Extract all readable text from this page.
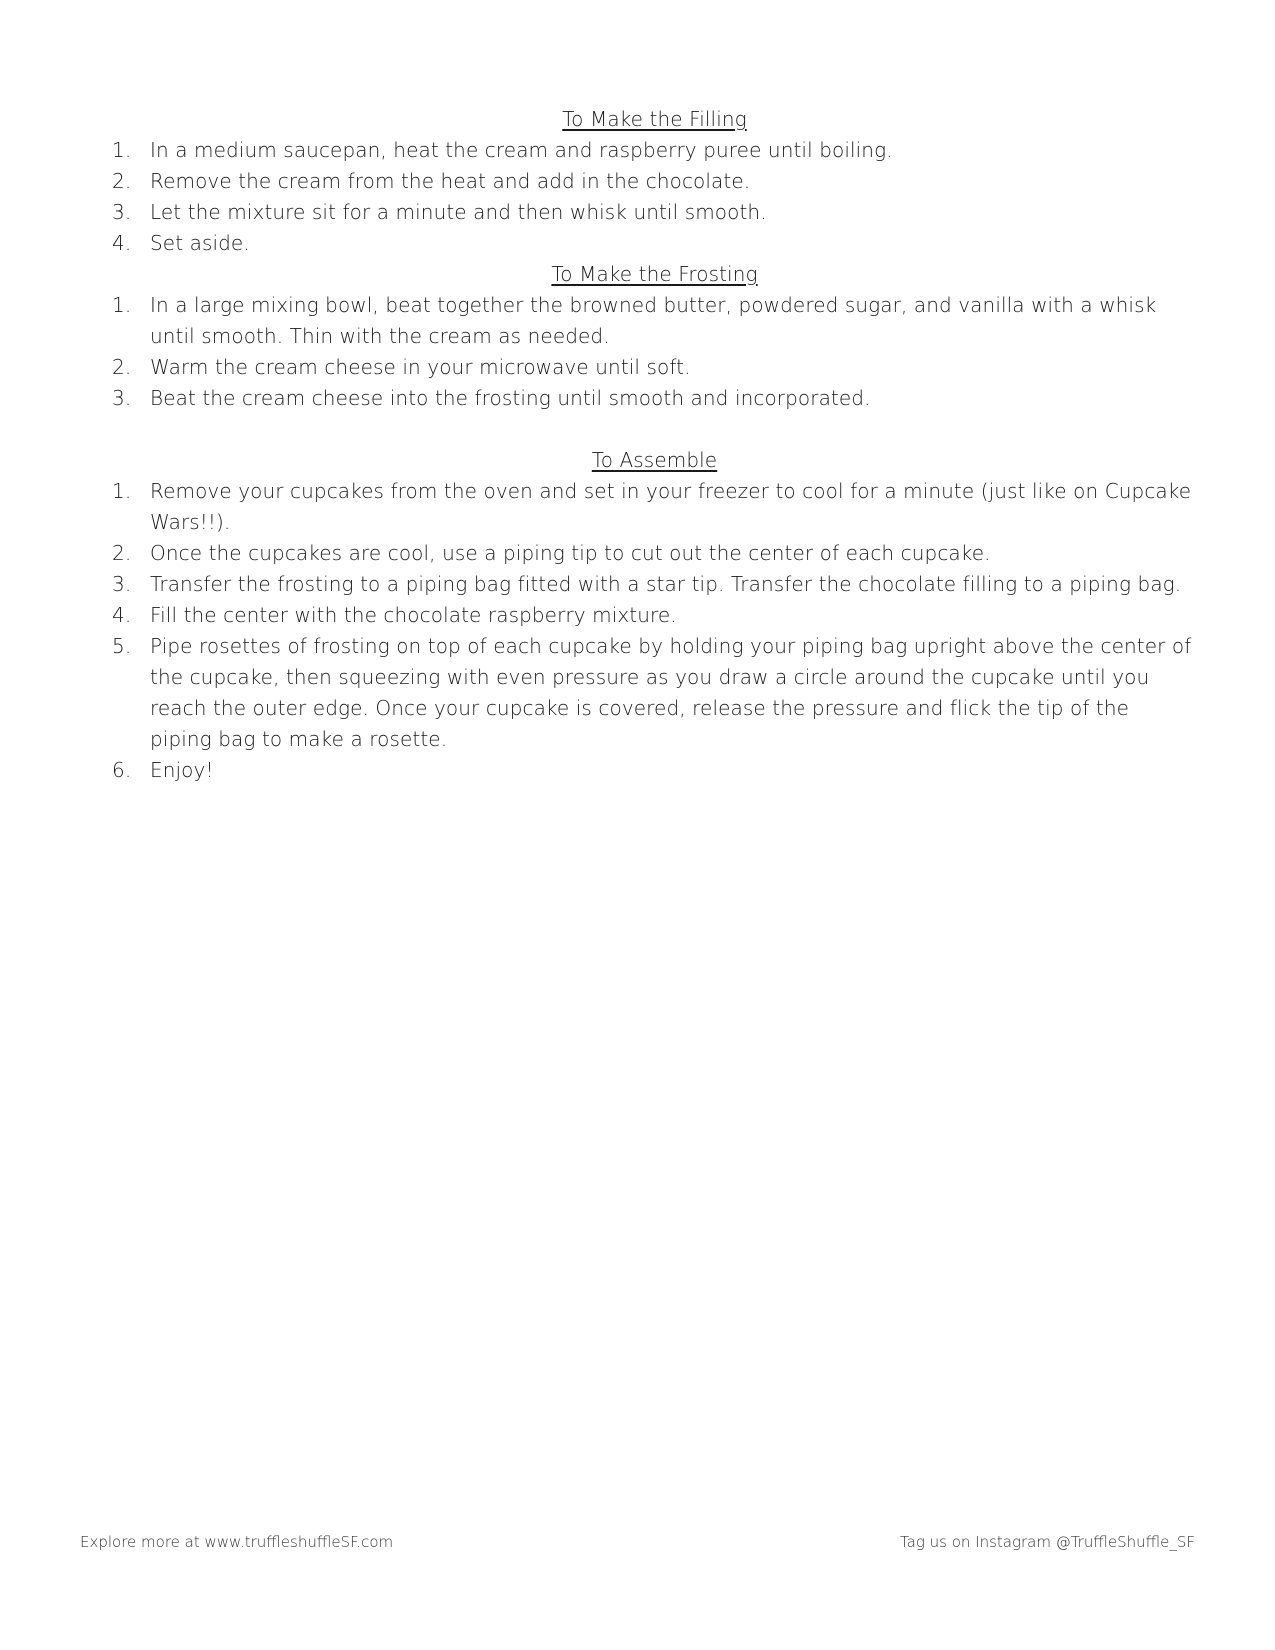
To Make the Filling
1. In a medium saucepan, heat the cream and raspberry puree until boiling.
2. Remove the cream from the heat and add in the chocolate.
3. Let the mixture sit for a minute and then whisk until smooth.
4. Set aside.
To Make the Frosting
1. In a large mixing bowl, beat together the browned butter, powdered sugar, and vanilla with a whisk until smooth. Thin with the cream as needed.
2. Warm the cream cheese in your microwave until soft.
3. Beat the cream cheese into the frosting until smooth and incorporated.
To Assemble
1. Remove your cupcakes from the oven and set in your freezer to cool for a minute (just like on Cupcake Wars!!).
2. Once the cupcakes are cool, use a piping tip to cut out the center of each cupcake.
3. Transfer the frosting to a piping bag fitted with a star tip. Transfer the chocolate filling to a piping bag.
4. Fill the center with the chocolate raspberry mixture.
5. Pipe rosettes of frosting on top of each cupcake by holding your piping bag upright above the center of the cupcake, then squeezing with even pressure as you draw a circle around the cupcake until you reach the outer edge. Once your cupcake is covered, release the pressure and flick the tip of the piping bag to make a rosette.
6. Enjoy!
Explore more at www.truffleshuffleSF.com	Tag us on Instagram @TruffleShuffle_SF
